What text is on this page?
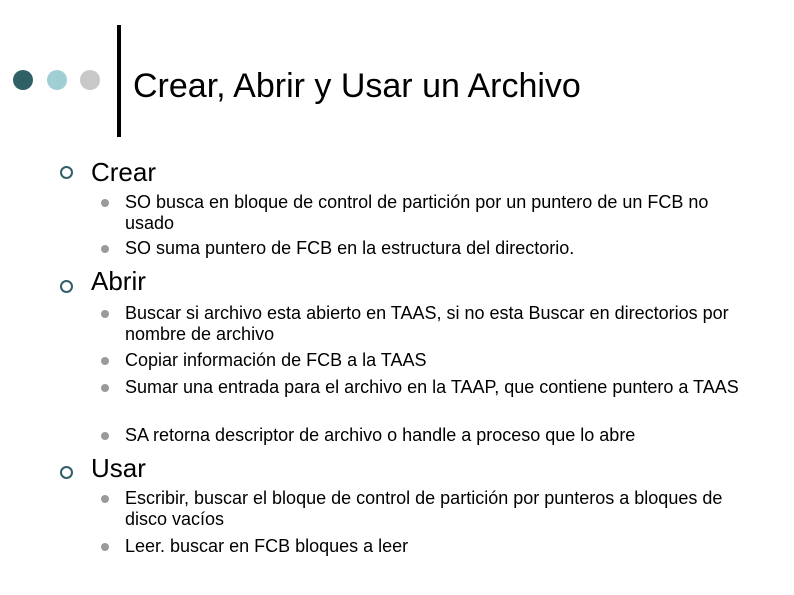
Crear, Abrir y Usar un Archivo
Crear
SO busca en bloque de control de partición por un puntero de un FCB no usado
SO suma puntero de FCB en la estructura del directorio.
Abrir
Buscar si archivo esta abierto en TAAS, si no esta Buscar en directorios por nombre de archivo
Copiar información de FCB a la TAAS
Sumar una entrada para el archivo en la TAAP, que contiene puntero a TAAS
SA retorna descriptor de archivo o handle a proceso que lo abre
Usar
Escribir, buscar el bloque de control de partición por punteros a bloques de disco vacíos
Leer. buscar en FCB bloques a leer
